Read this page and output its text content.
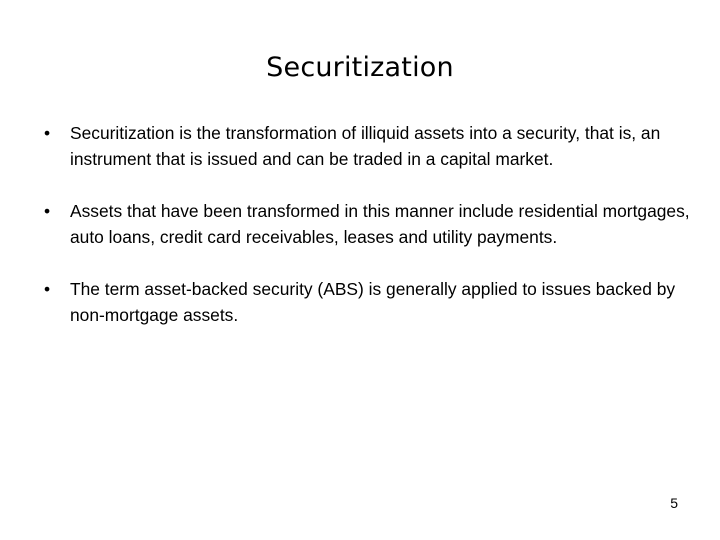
Securitization
•	Securitization is the transformation of illiquid assets into a security, that is, an instrument that is issued and can be traded in a capital market.
•	Assets that have been transformed in this manner include residential mortgages, auto loans, credit card receivables, leases and utility payments.
•	The term asset-backed security (ABS) is generally applied to issues backed by non-mortgage assets.
5
